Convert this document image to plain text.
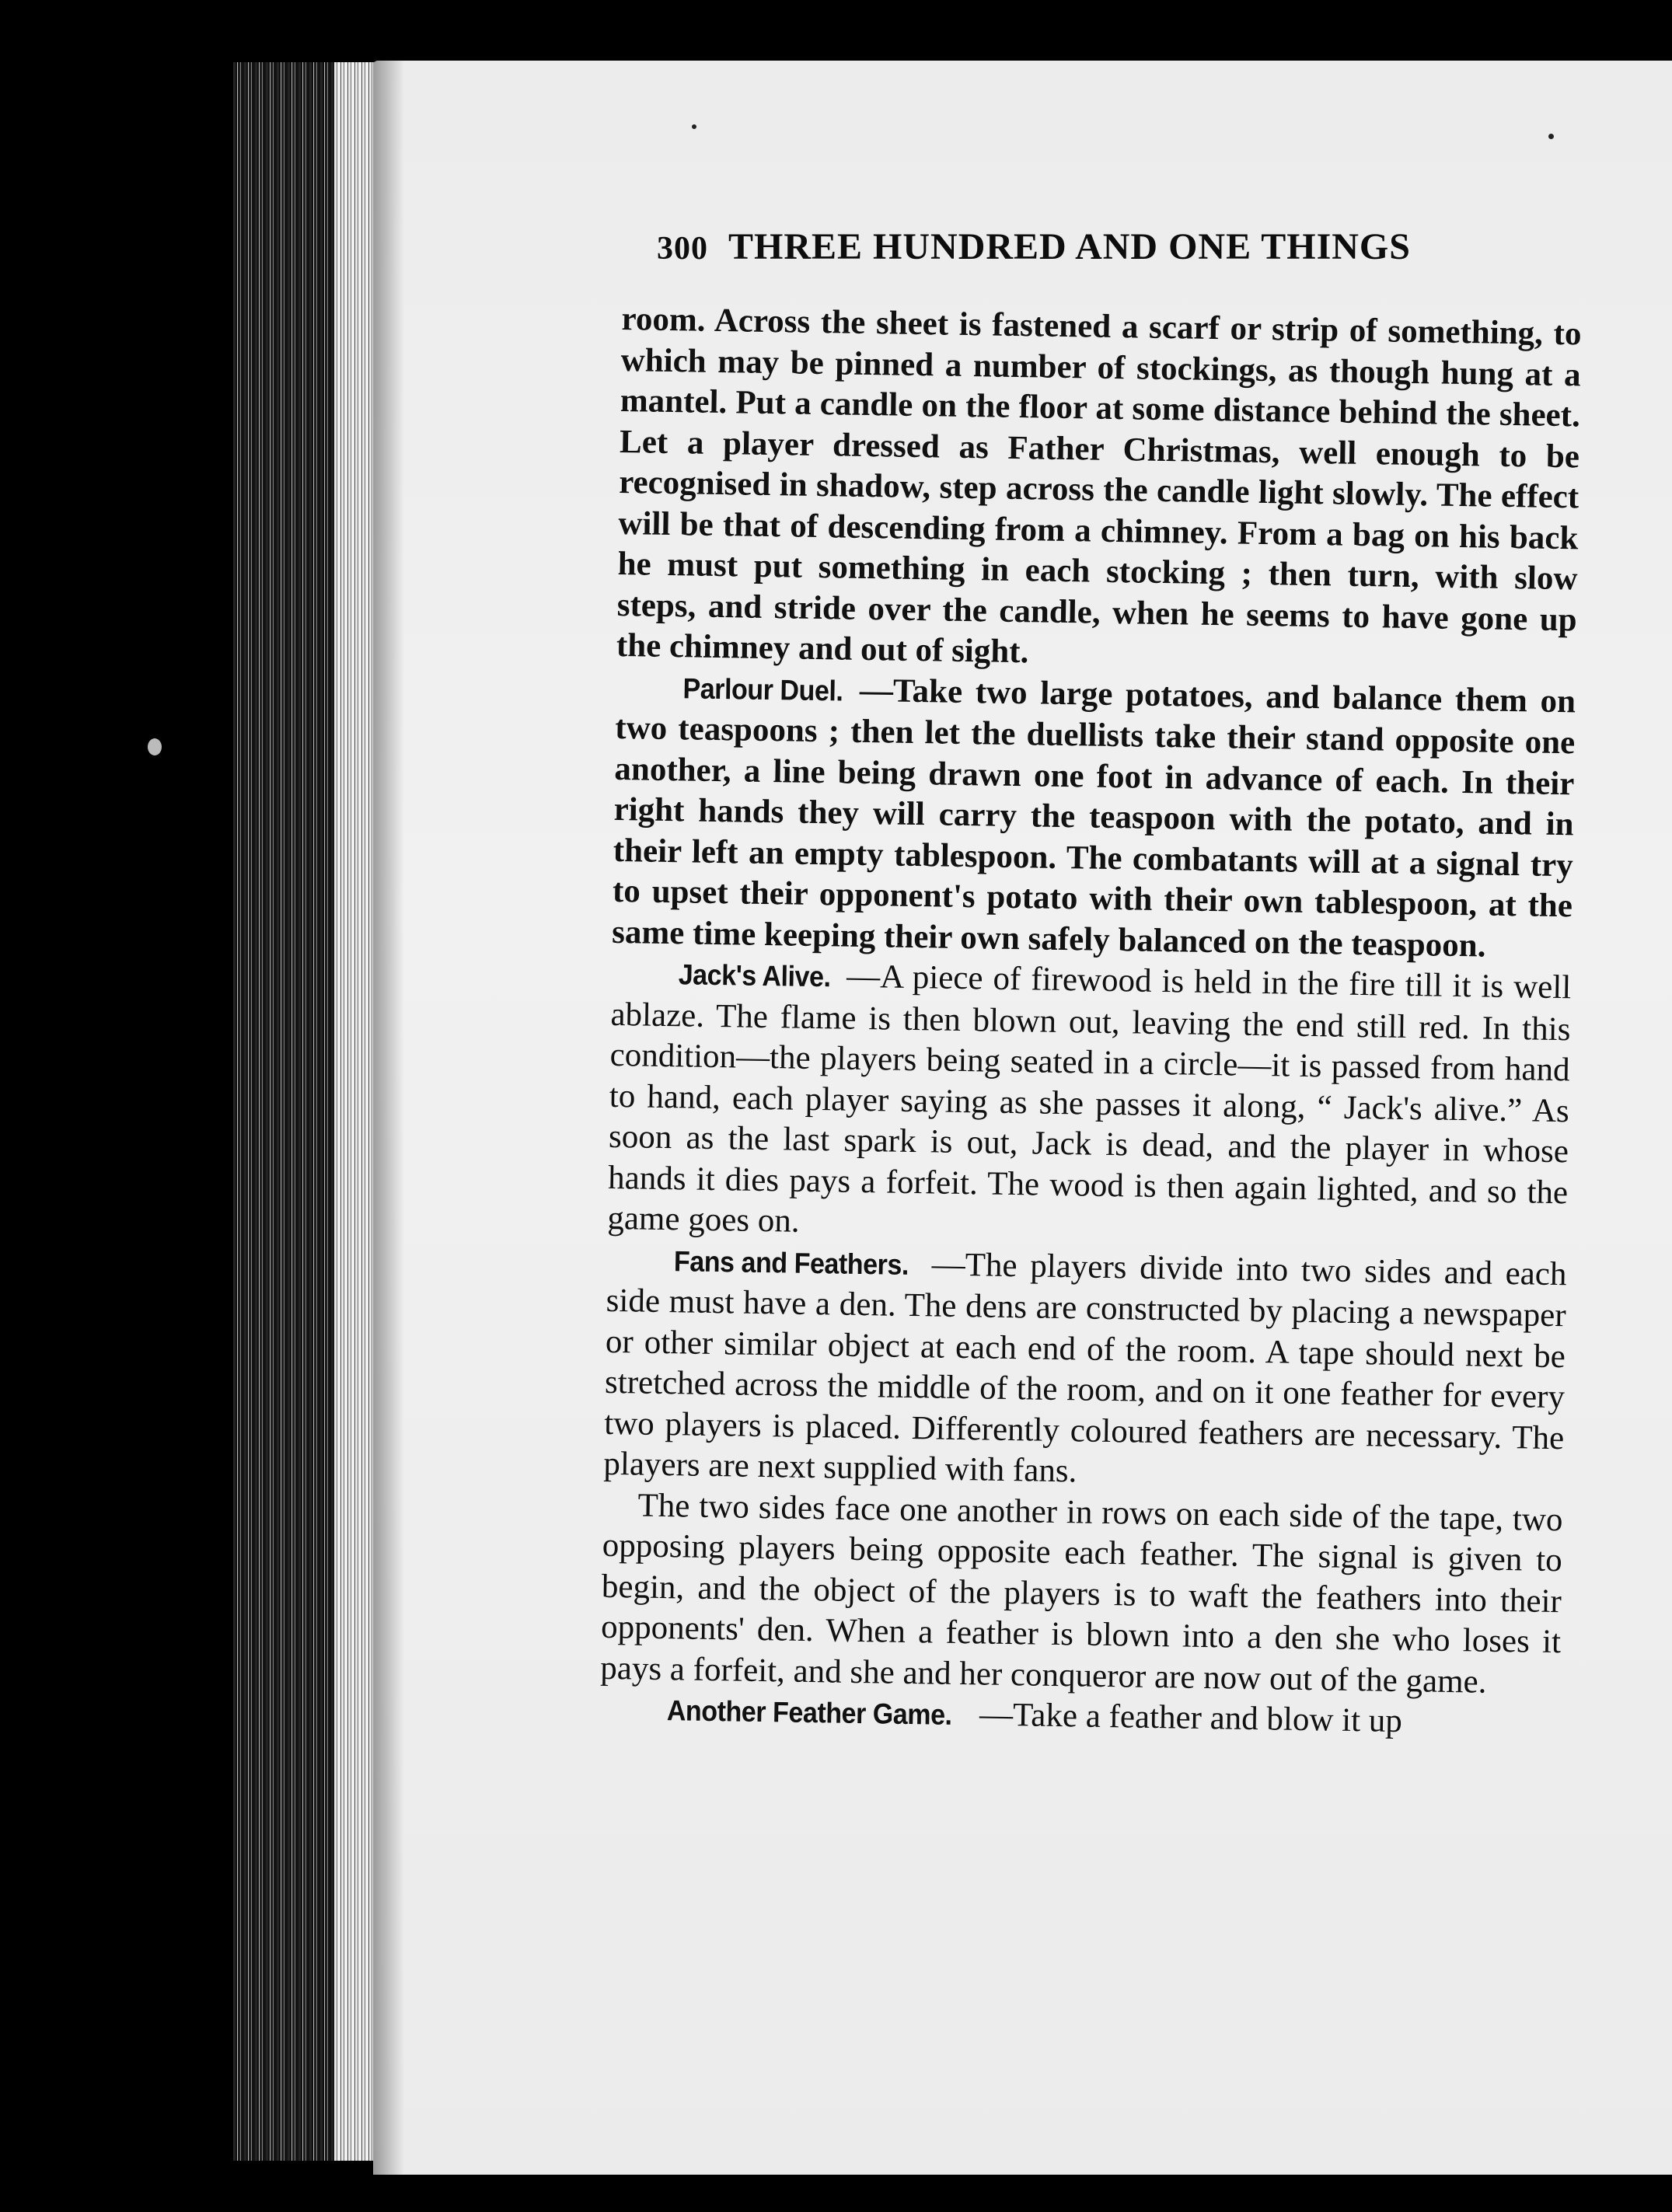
300 THREE HUNDRED AND ONE THINGS

room. Across the sheet is fastened a scarf or strip of something, to which may be pinned a number of stockings, as though hung at a mantel. Put a candle on the floor at some distance behind the sheet. Let a player dressed as Father Christmas, well enough to be recognised in shadow, step across the candle light slowly. The effect will be that of descending from a chimney. From a bag on his back he must put something in each stocking ; then turn, with slow steps, and stride over the candle, when he seems to have gone up the chimney and out of sight.

Parlour Duel. —Take two large potatoes, and balance them on two teaspoons ; then let the duellists take their stand opposite one another, a line being drawn one foot in advance of each. In their right hands they will carry the teaspoon with the potato, and in their left an empty tablespoon. The combatants will at a signal try to upset their opponent's potato with their own tablespoon, at the same time keeping their own safely balanced on the teaspoon.

Jack's Alive. —A piece of firewood is held in the fire till it is well ablaze. The flame is then blown out, leaving the end still red. In this condition—the players being seated in a circle—it is passed from hand to hand, each player saying as she passes it along, “ Jack's alive.” As soon as the last spark is out, Jack is dead, and the player in whose hands it dies pays a forfeit. The wood is then again lighted, and so the game goes on.

Fans and Feathers. —The players divide into two sides and each side must have a den. The dens are constructed by placing a newspaper or other similar object at each end of the room. A tape should next be stretched across the middle of the room, and on it one feather for every two players is placed. Differently coloured feathers are necessary. The players are next supplied with fans.

The two sides face one another in rows on each side of the tape, two opposing players being opposite each feather. The signal is given to begin, and the object of the players is to waft the feathers into their opponents' den. When a feather is blown into a den she who loses it pays a forfeit, and she and her conqueror are now out of the game.

Another Feather Game. —Take a feather and blow it up
